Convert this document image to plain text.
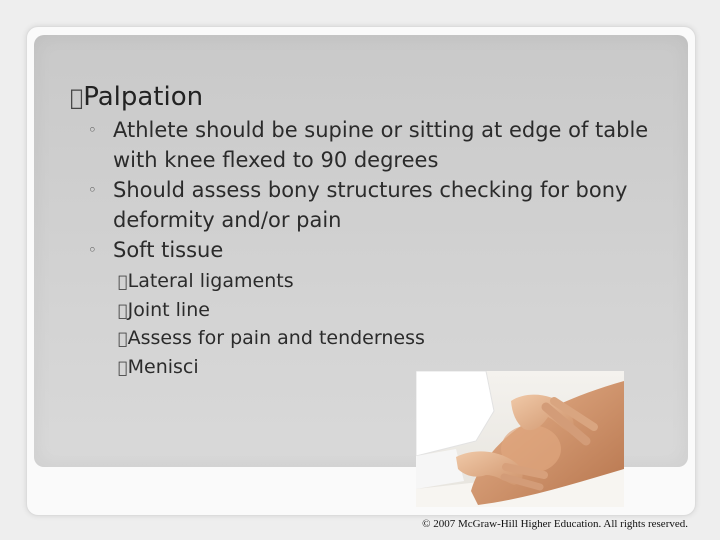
 Palpation
◦ Athlete should be supine or sitting at edge of table with knee flexed to 90 degrees
◦ Should assess bony structures checking for bony deformity and/or pain
◦ Soft tissue
 Lateral ligaments
 Joint line
 Assess for pain and tenderness
 Menisci
© 2007 McGraw-Hill Higher Education. All rights reserved.
